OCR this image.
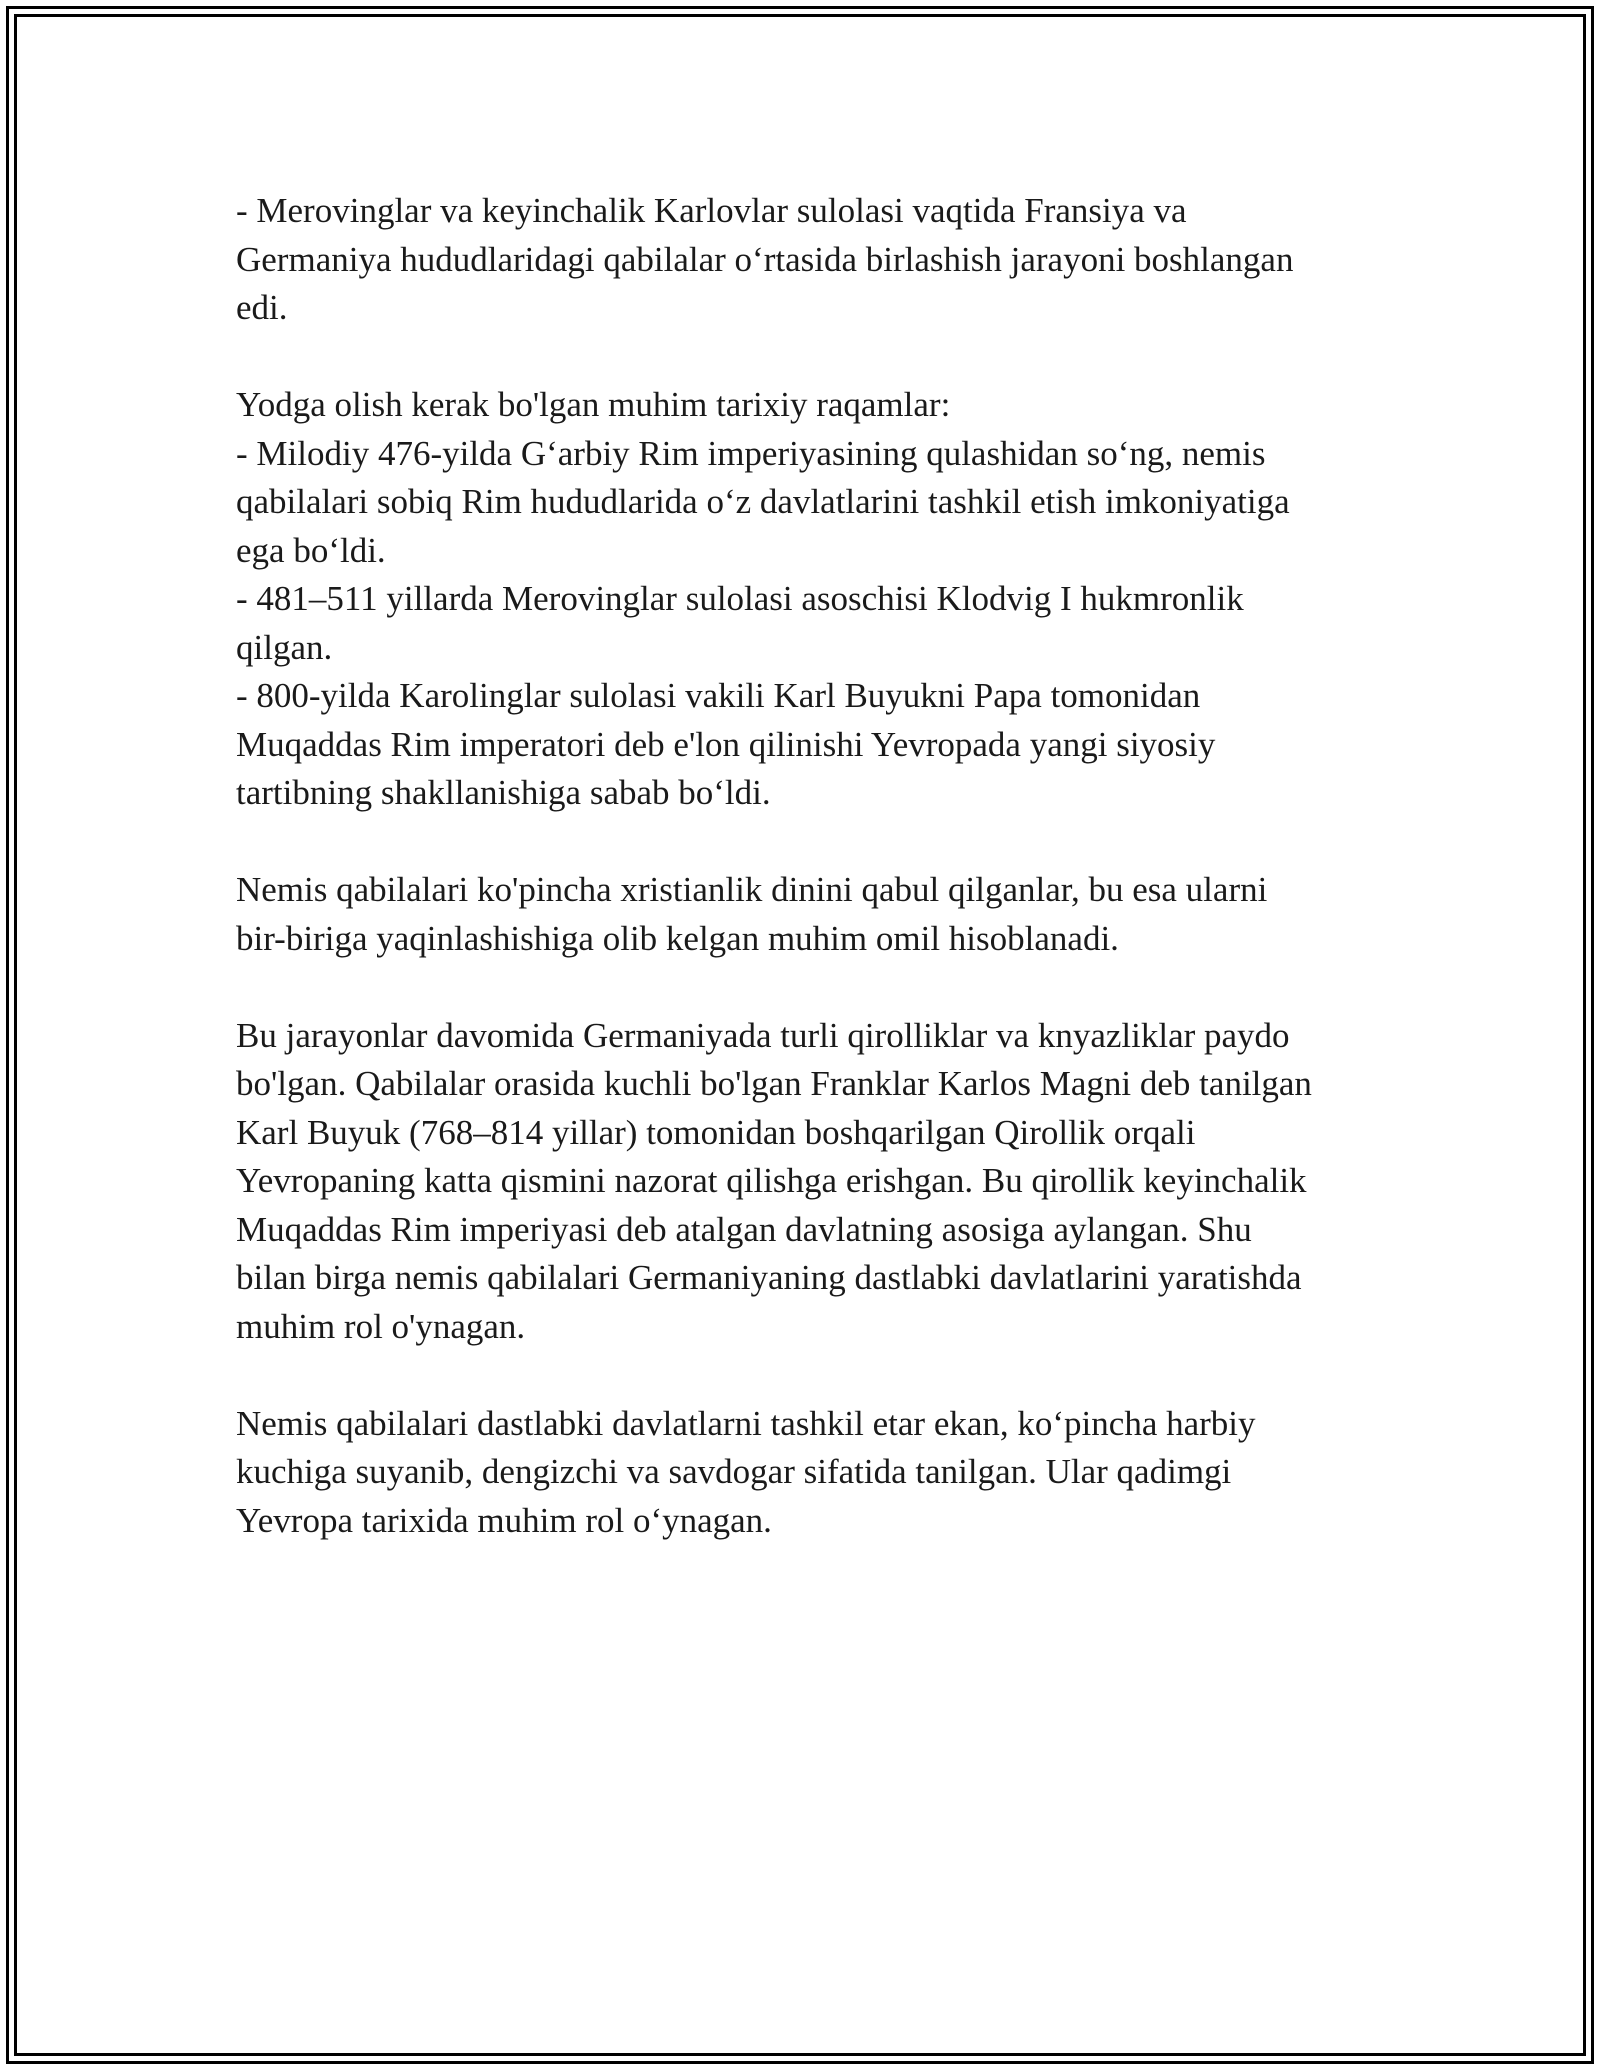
- Merovinglar va keyinchalik Karlovlar sulolasi vaqtida Fransiya va
Germaniya hududlaridagi qabilalar o‘rtasida birlashish jarayoni boshlangan
edi.

Yodga olish kerak bo'lgan muhim tarixiy raqamlar:
- Milodiy 476-yilda G‘arbiy Rim imperiyasining qulashidan so‘ng, nemis
qabilalari sobiq Rim hududlarida o‘z davlatlarini tashkil etish imkoniyatiga
ega bo‘ldi.
- 481–511 yillarda Merovinglar sulolasi asoschisi Klodvig I hukmronlik
qilgan.
- 800-yilda Karolinglar sulolasi vakili Karl Buyukni Papa tomonidan
Muqaddas Rim imperatori deb e'lon qilinishi Yevropada yangi siyosiy
tartibning shakllanishiga sabab bo‘ldi.

Nemis qabilalari ko'pincha xristianlik dinini qabul qilganlar, bu esa ularni
bir-biriga yaqinlashishiga olib kelgan muhim omil hisoblanadi.

Bu jarayonlar davomida Germaniyada turli qirolliklar va knyazliklar paydo
bo'lgan. Qabilalar orasida kuchli bo'lgan Franklar Karlos Magni deb tanilgan
Karl Buyuk (768–814 yillar) tomonidan boshqarilgan Qirollik orqali
Yevropaning katta qismini nazorat qilishga erishgan. Bu qirollik keyinchalik
Muqaddas Rim imperiyasi deb atalgan davlatning asosiga aylangan. Shu
bilan birga nemis qabilalari Germaniyaning dastlabki davlatlarini yaratishda
muhim rol o'ynagan.

Nemis qabilalari dastlabki davlatlarni tashkil etar ekan, ko‘pincha harbiy
kuchiga suyanib, dengizchi va savdogar sifatida tanilgan. Ular qadimgi
Yevropa tarixida muhim rol o‘ynagan.
